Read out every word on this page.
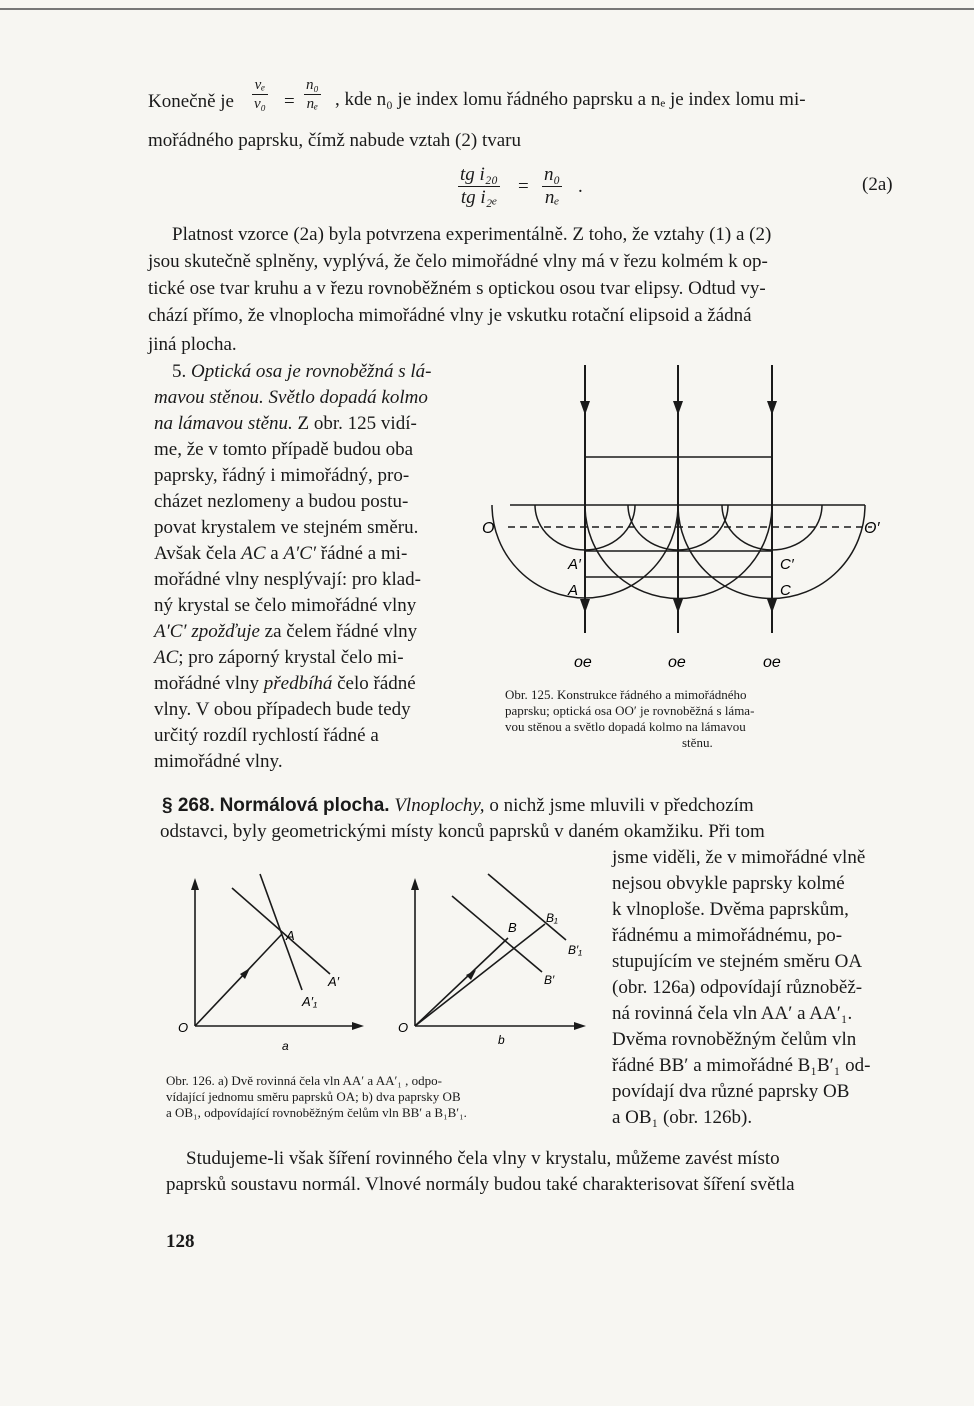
Konečně je $\frac{\text{vₑ}}{\text{v₀}} = \frac{\text{n₀}}{\text{nₑ}}$ , kde n₀ je index lomu řádného paprsku a nₑ je index lomu mi-
mořádného paprsku, čímž nabude vztah (2) tvaru
$\frac{\text{tg i₂₀}}{\text{tg i₂ₑ}} = \frac{\text{n₀}}{\text{nₑ}}$ .	(2a)
Platnost vzorce (2a) byla potvrzena experimentálně. Z toho, že vztahy (1) a (2)
jsou skutečně splněny, vyplývá, že čelo mimořádné vlny má v řezu kolmém k op-
tické ose tvar kruhu a v řezu rovnoběžném s optickou osou tvar elipsy. Odtud vy-
chází přímo, že vlnoplocha mimořádné vlny je vskutku rotační elipsoid a žádná
jiná plocha.
5. Optická osa je rovnoběžná s lá-
mavou stěnou. Světlo dopadá kolmo
na lámavou stěnu. Z obr. 125 vidí-
me, že v tomto případě budou oba
paprsky, řádný i mimořádný, pro-
cházet nezlomeny a budou postu-
povat krystalem ve stejném směru.
Avšak čela AC a A′C′ řádné a mi-
mořádné vlny nesplývají: pro klad-
ný krystal se čelo mimořádné vlny
A′C′ zpožďuje za čelem řádné vlny
AC; pro záporný krystal čelo mi-
mořádné vlny předbíhá čelo řádné
vlny. V obou případech bude tedy
určitý rozdíl rychlostí řádné a
mimořádné vlny.
O	O′
A′
A
C′
C
oe	oe	oe
Obr. 125. Konstrukce řádného a mimořádného
paprsku; optická osa OO′ je rovnoběžná s láma-
vou stěnou a světlo dopadá kolmo na lámavou
stěnu.
§ 268. Normálová plocha. Vlnoplochy, o nichž jsme mluvili v předchozím
odstavci, byly geometrickými místy konců paprsků v daném okamžiku. Při tom
jsme viděli, že v mimořádné vlně
nejsou obvykle paprsky kolmé
k vlnoploše. Dvěma paprskům,
řádnému a mimořádnému, po-
stupujícím ve stejném směru OA
(obr. 126a) odpovídají různoběž-
ná rovinná čela vln AA′ a AA′₁.
Dvěma rovnoběžným čelům vln
řádné BB′ a mimořádné B₁B′₁ od-
povídají dva různé paprsky OB
a OB₁ (obr. 126b).
O
A
A′
A′₁
a
O
B
B₁
B′₁
B′
b
Obr. 126. a) Dvě rovinná čela vln AA′ a AA′₁ , odpo-
vídající jednomu směru paprsků OA; b) dva paprsky OB
a OB₁, odpovídající rovnoběžným čelům vln BB′ a B₁B′₁.
Studujeme-li však šíření rovinného čela vlny v krystalu, můžeme zavést místo
paprsků soustavu normál. Vlnové normály budou také charakterisovat šíření světla
128
